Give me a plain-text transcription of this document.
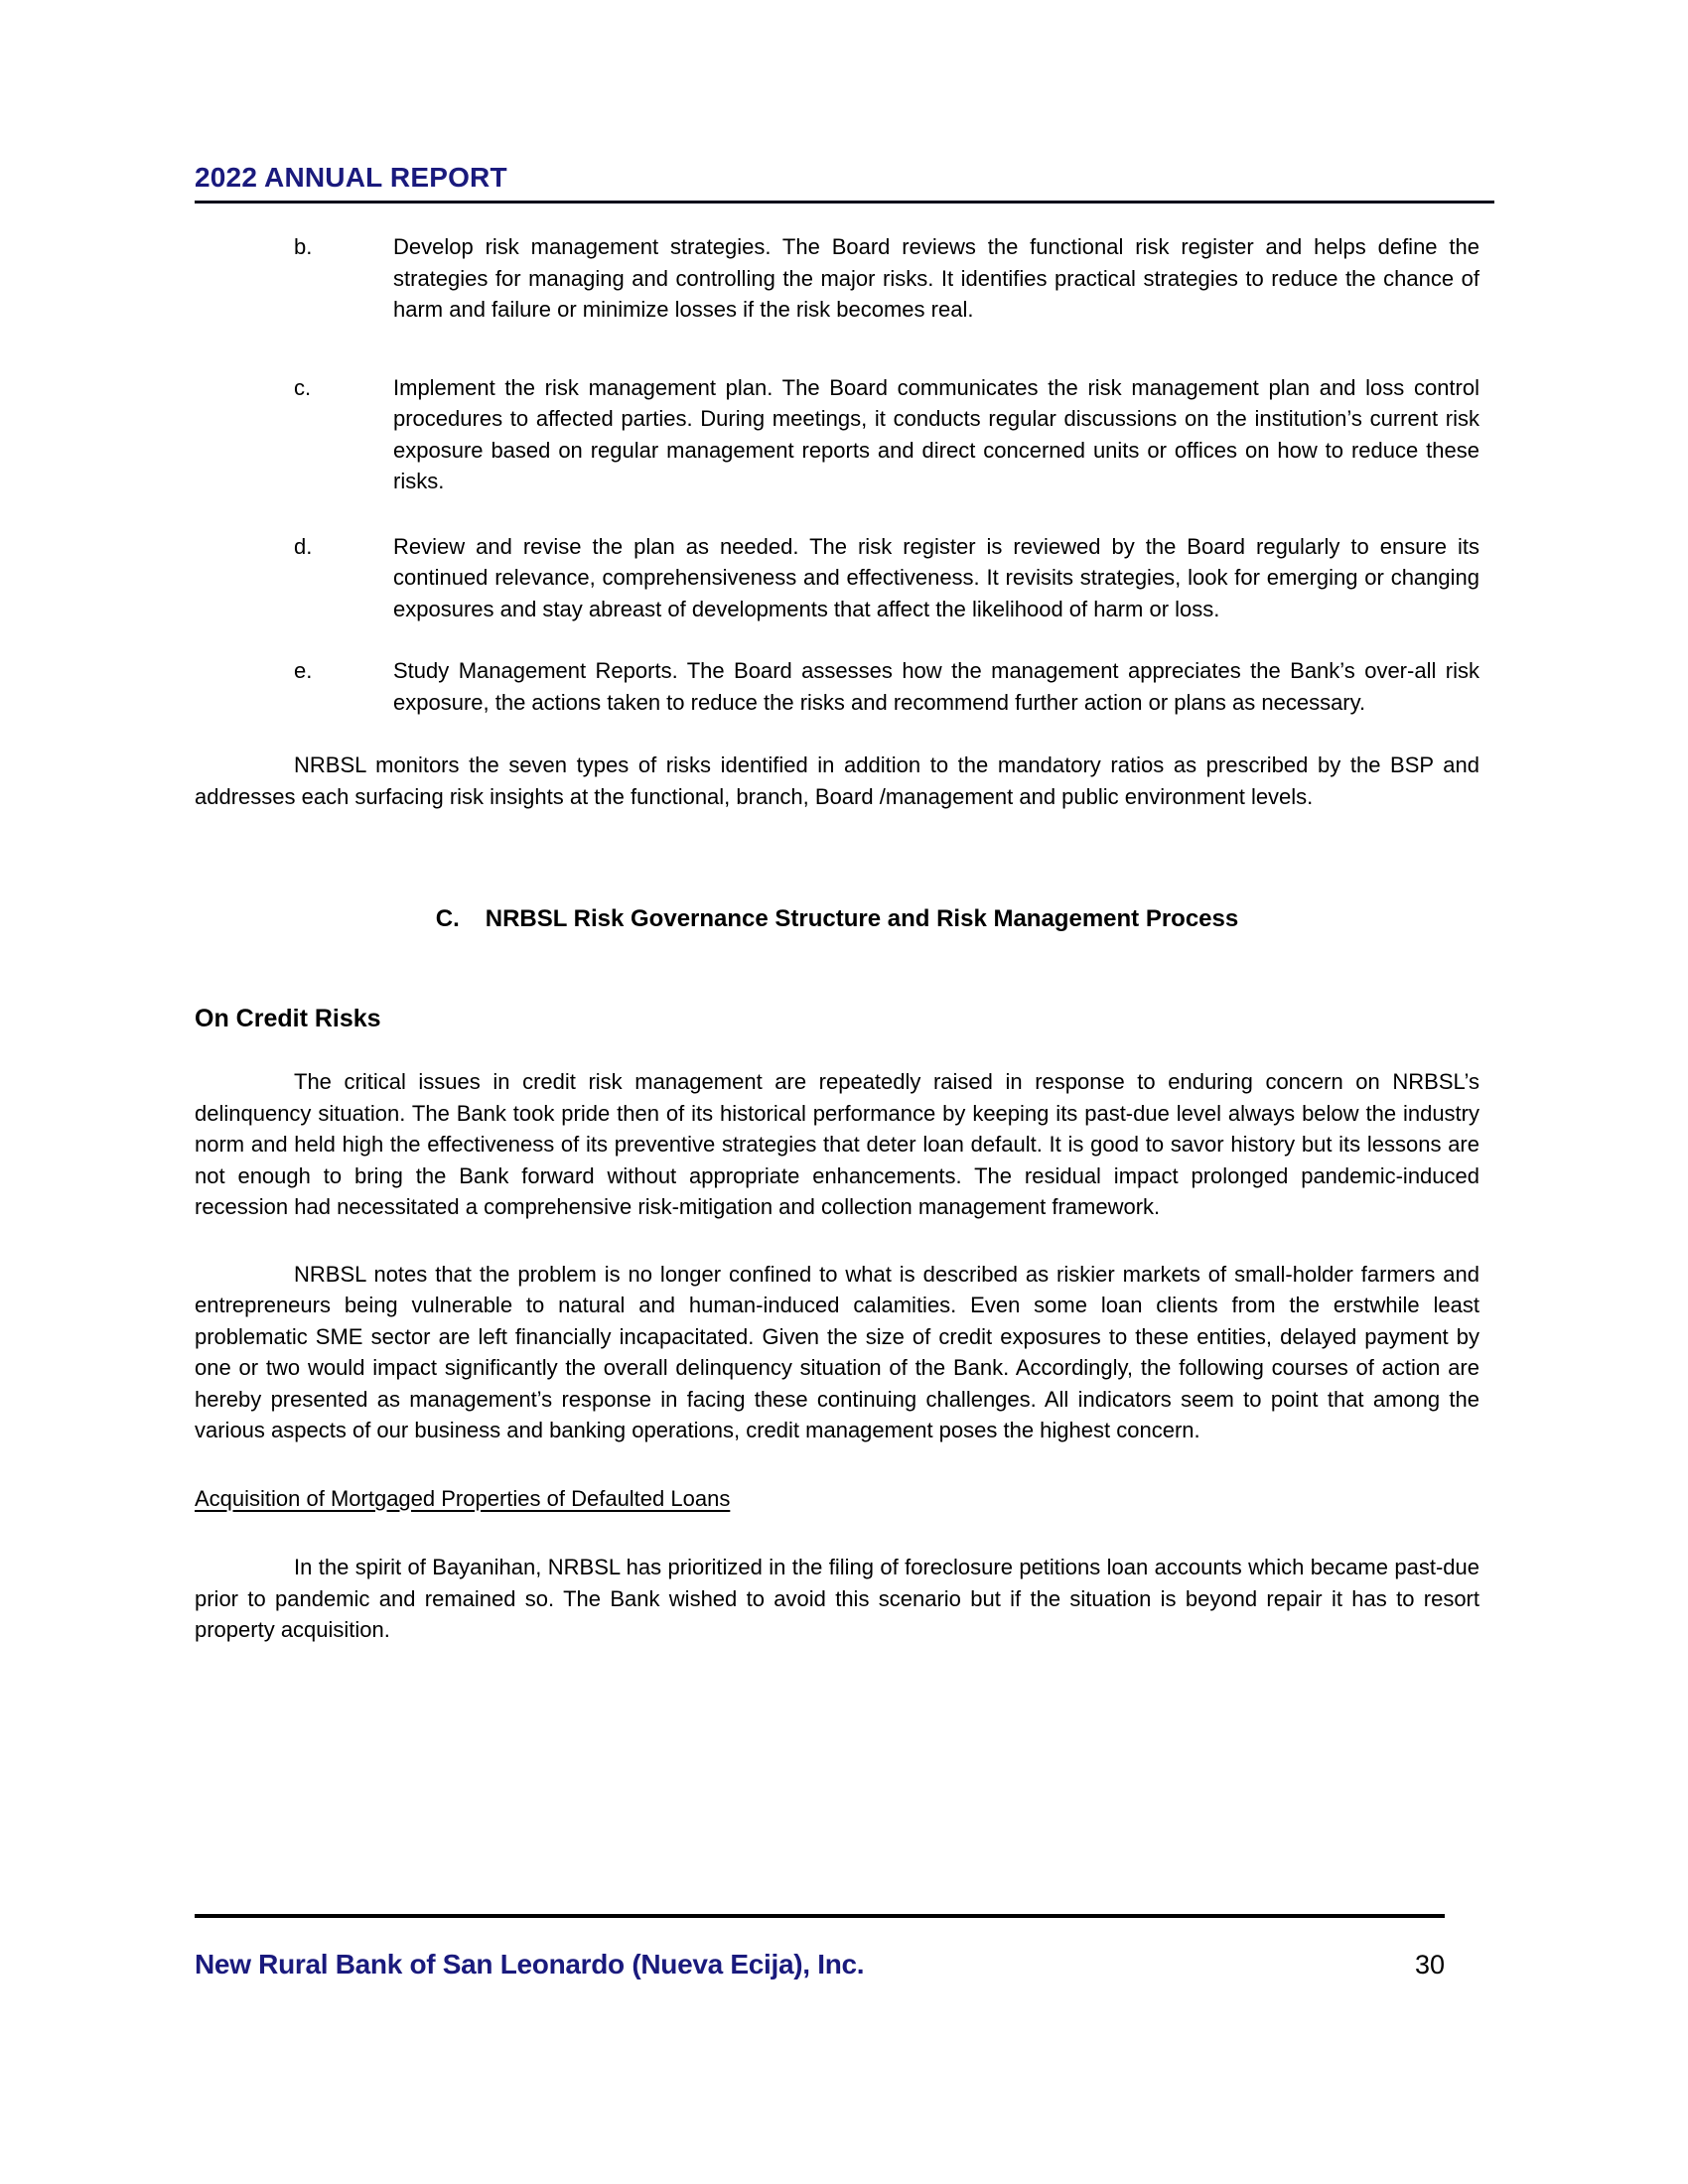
2022 ANNUAL REPORT
b.	Develop risk management strategies. The Board reviews the functional risk register and helps define the strategies for managing and controlling the major risks. It identifies practical strategies to reduce the chance of harm and failure or minimize losses if the risk becomes real.

c.	Implement the risk management plan. The Board communicates the risk management plan and loss control procedures to affected parties. During meetings, it conducts regular discussions on the institution’s current risk exposure based on regular management reports and direct concerned units or offices on how to reduce these risks.

d.	Review and revise the plan as needed. The risk register is reviewed by the Board regularly to ensure its continued relevance, comprehensiveness and effectiveness. It revisits strategies, look for emerging or changing exposures and stay abreast of developments that affect the likelihood of harm or loss.

e.	Study Management Reports. The Board assesses how the management appreciates the Bank’s over-all risk exposure, the actions taken to reduce the risks and recommend further action or plans as necessary.

NRBSL monitors the seven types of risks identified in addition to the mandatory ratios as prescribed by the BSP and addresses each surfacing risk insights at the functional, branch, Board /management and public environment levels.

C. NRBSL Risk Governance Structure and Risk Management Process
On Credit Risks

The critical issues in credit risk management are repeatedly raised in response to enduring concern on NRBSL’s delinquency situation. The Bank took pride then of its historical performance by keeping its past-due level always below the industry norm and held high the effectiveness of its preventive strategies that deter loan default. It is good to savor history but its lessons are not enough to bring the Bank forward without appropriate enhancements. The residual impact prolonged pandemic-induced recession had necessitated a comprehensive risk-mitigation and collection management framework.

NRBSL notes that the problem is no longer confined to what is described as riskier markets of small-holder farmers and entrepreneurs being vulnerable to natural and human-induced calamities. Even some loan clients from the erstwhile least problematic SME sector are left financially incapacitated. Given the size of credit exposures to these entities, delayed payment by one or two would impact significantly the overall delinquency situation of the Bank. Accordingly, the following courses of action are hereby presented as management’s response in facing these continuing challenges. All indicators seem to point that among the various aspects of our business and banking operations, credit management poses the highest concern.

Acquisition of Mortgaged Properties of Defaulted Loans

In the spirit of Bayanihan, NRBSL has prioritized in the filing of foreclosure petitions loan accounts which became past-due prior to pandemic and remained so. The Bank wished to avoid this scenario but if the situation is beyond repair it has to resort property acquisition.

New Rural Bank of San Leonardo (Nueva Ecija), Inc.	30
